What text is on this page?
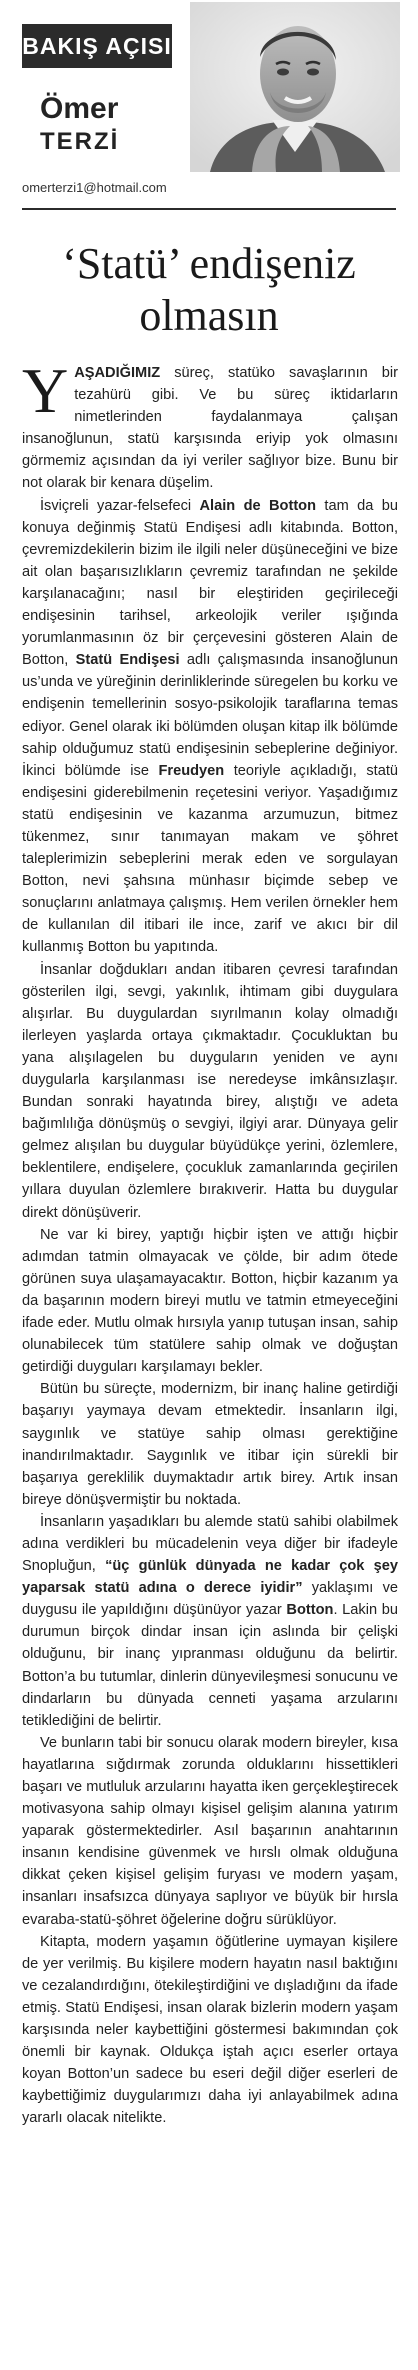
BAKIŞ AÇISI
Ömer
TERZİ
omerterzi1@hotmail.com
‘Statü’ endişeniz
olmasın

YAŞADIĞIMIZ süreç, statüko savaşlarının bir tezahürü gibi. Ve bu süreç iktidarların nimetlerinden faydalanmaya çalışan insanoğlunun, statü karşısında eriyip yok olmasını görmemiz açısından da iyi veriler sağlıyor bize. Bunu bir not olarak bir kenara düşelim.

İsviçreli yazar-felsefeci Alain de Botton tam da bu konuya değinmiş Statü Endişesi adlı kitabında. Botton, çevremizdekilerin bizim ile ilgili neler düşüneceğini ve bize ait olan başarısızlıkların çevremiz tarafından ne şekilde karşılanacağını; nasıl bir eleştiriden geçirileceği endişesinin tarihsel, arkeolojik veriler ışığında yorumlanmasının öz bir çerçevesini gösteren Alain de Botton, Statü Endişesi adlı çalışmasında insanoğlunun us’unda ve yüreğinin derinliklerinde süregelen bu korku ve endişenin temellerinin sosyo-psikolojik taraflarına temas ediyor. Genel olarak iki bölümden oluşan kitap ilk bölümde sahip olduğumuz statü endişesinin sebeplerine değiniyor. İkinci bölümde ise Freudyen teoriyle açıkladığı, statü endişesini giderebilmenin reçetesini veriyor. Yaşadığımız statü endişesinin ve kazanma arzumuzun, bitmez tükenmez, sınır tanımayan makam ve şöhret taleplerimizin sebeplerini merak eden ve sorgulayan Botton, nevi şahsına münhasır biçimde sebep ve sonuçlarını anlatmaya çalışmış. Hem verilen örnekler hem de kullanılan dil itibari ile ince, zarif ve akıcı bir dil kullanmış Botton bu yapıtında.

İnsanlar doğdukları andan itibaren çevresi tarafından gösterilen ilgi, sevgi, yakınlık, ihtimam gibi duygulara alışırlar. Bu duygulardan sıyrılmanın kolay olmadığı ilerleyen yaşlarda ortaya çıkmaktadır. Çocukluktan bu yana alışılagelen bu duyguların yeniden ve aynı duygularla karşılanması ise neredeyse imkânsızlaşır. Bundan sonraki hayatında birey, alıştığı ve adeta bağımlılığa dönüşmüş o sevgiyi, ilgiyi arar. Dünyaya gelir gelmez alışılan bu duygular büyüdükçe yerini, özlemlere, beklentilere, endişelere, çocukluk zamanlarında geçirilen yıllara duyulan özlemlere bırakıverir. Hatta bu duygular direkt dönüşüverir.

Ne var ki birey, yaptığı hiçbir işten ve attığı hiçbir adımdan tatmin olmayacak ve çölde, bir adım ötede görünen suya ulaşamayacaktır. Botton, hiçbir kazanım ya da başarının modern bireyi mutlu ve tatmin etmeyeceğini ifade eder. Mutlu olmak hırsıyla yanıp tutuşan insan, sahip olunabilecek tüm statülere sahip olmak ve doğuştan getirdiği duyguları karşılamayı bekler.

Bütün bu süreçte, modernizm, bir inanç haline getirdiği başarıyı yaymaya devam etmektedir. İnsanların ilgi, saygınlık ve statüye sahip olması gerektiğine inandırılmaktadır. Saygınlık ve itibar için sürekli bir başarıya gereklilik duymaktadır artık birey. Artık insan bireye dönüşvermiştir bu noktada.

İnsanların yaşadıkları bu alemde statü sahibi olabilmek adına verdikleri bu mücadelenin veya diğer bir ifadeyle Snopluğun, “üç günlük dünyada ne kadar çok şey yaparsak statü adına o derece iyidir” yaklaşımı ve duygusu ile yapıldığını düşünüyor yazar Botton. Lakin bu durumun birçok dindar insan için aslında bir çelişki olduğunu, bir inanç yıpranması olduğunu da belirtir. Botton’a bu tutumlar, dinlerin dünyevileşmesi sonucunu ve dindarların bu dünyada cenneti yaşama arzularını tetiklediğini de belirtir.

Ve bunların tabi bir sonucu olarak modern bireyler, kısa hayatlarına sığdırmak zorunda olduklarını hissettikleri başarı ve mutluluk arzularını hayatta iken gerçekleştirecek motivasyona sahip olmayı kişisel gelişim alanına yatırım yaparak göstermektedirler. Asıl başarının anahtarının insanın kendisine güvenmek ve hırslı olmak olduğuna dikkat çeken kişisel gelişim furyası ve modern yaşam, insanları insafsızca dünyaya saplıyor ve büyük bir hırsla evaraba-statü-şöhret öğelerine doğru sürüklüyor.

Kitapta, modern yaşamın öğütlerine uymayan kişilere de yer verilmiş. Bu kişilere modern hayatın nasıl baktığını ve cezalandırdığını, ötekileştirdiğini ve dışladığını da ifade etmiş. Statü Endişesi, insan olarak bizlerin modern yaşam karşısında neler kaybettiğini göstermesi bakımından çok önemli bir kaynak. Oldukça iştah açıcı eserler ortaya koyan Botton’un sadece bu eseri değil diğer eserleri de kaybettiğimiz duygularımızı daha iyi anlayabilmek adına yararlı olacak nitelikte.
